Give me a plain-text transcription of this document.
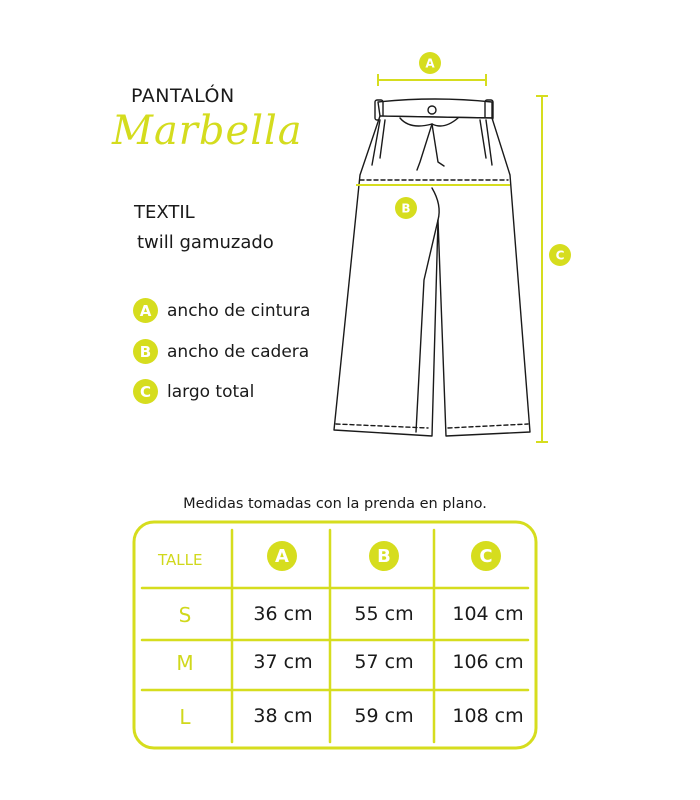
PANTALÓN
Marbella
TEXTIL
twill gamuzado
A ancho de cintura
B ancho de cadera
C largo total
A
B
C
Medidas tomadas con la prenda en plano.
TALLE	A	B	C
S	36 cm	55 cm	104 cm
M	37 cm	57 cm	106 cm
L	38 cm	59 cm	108 cm
